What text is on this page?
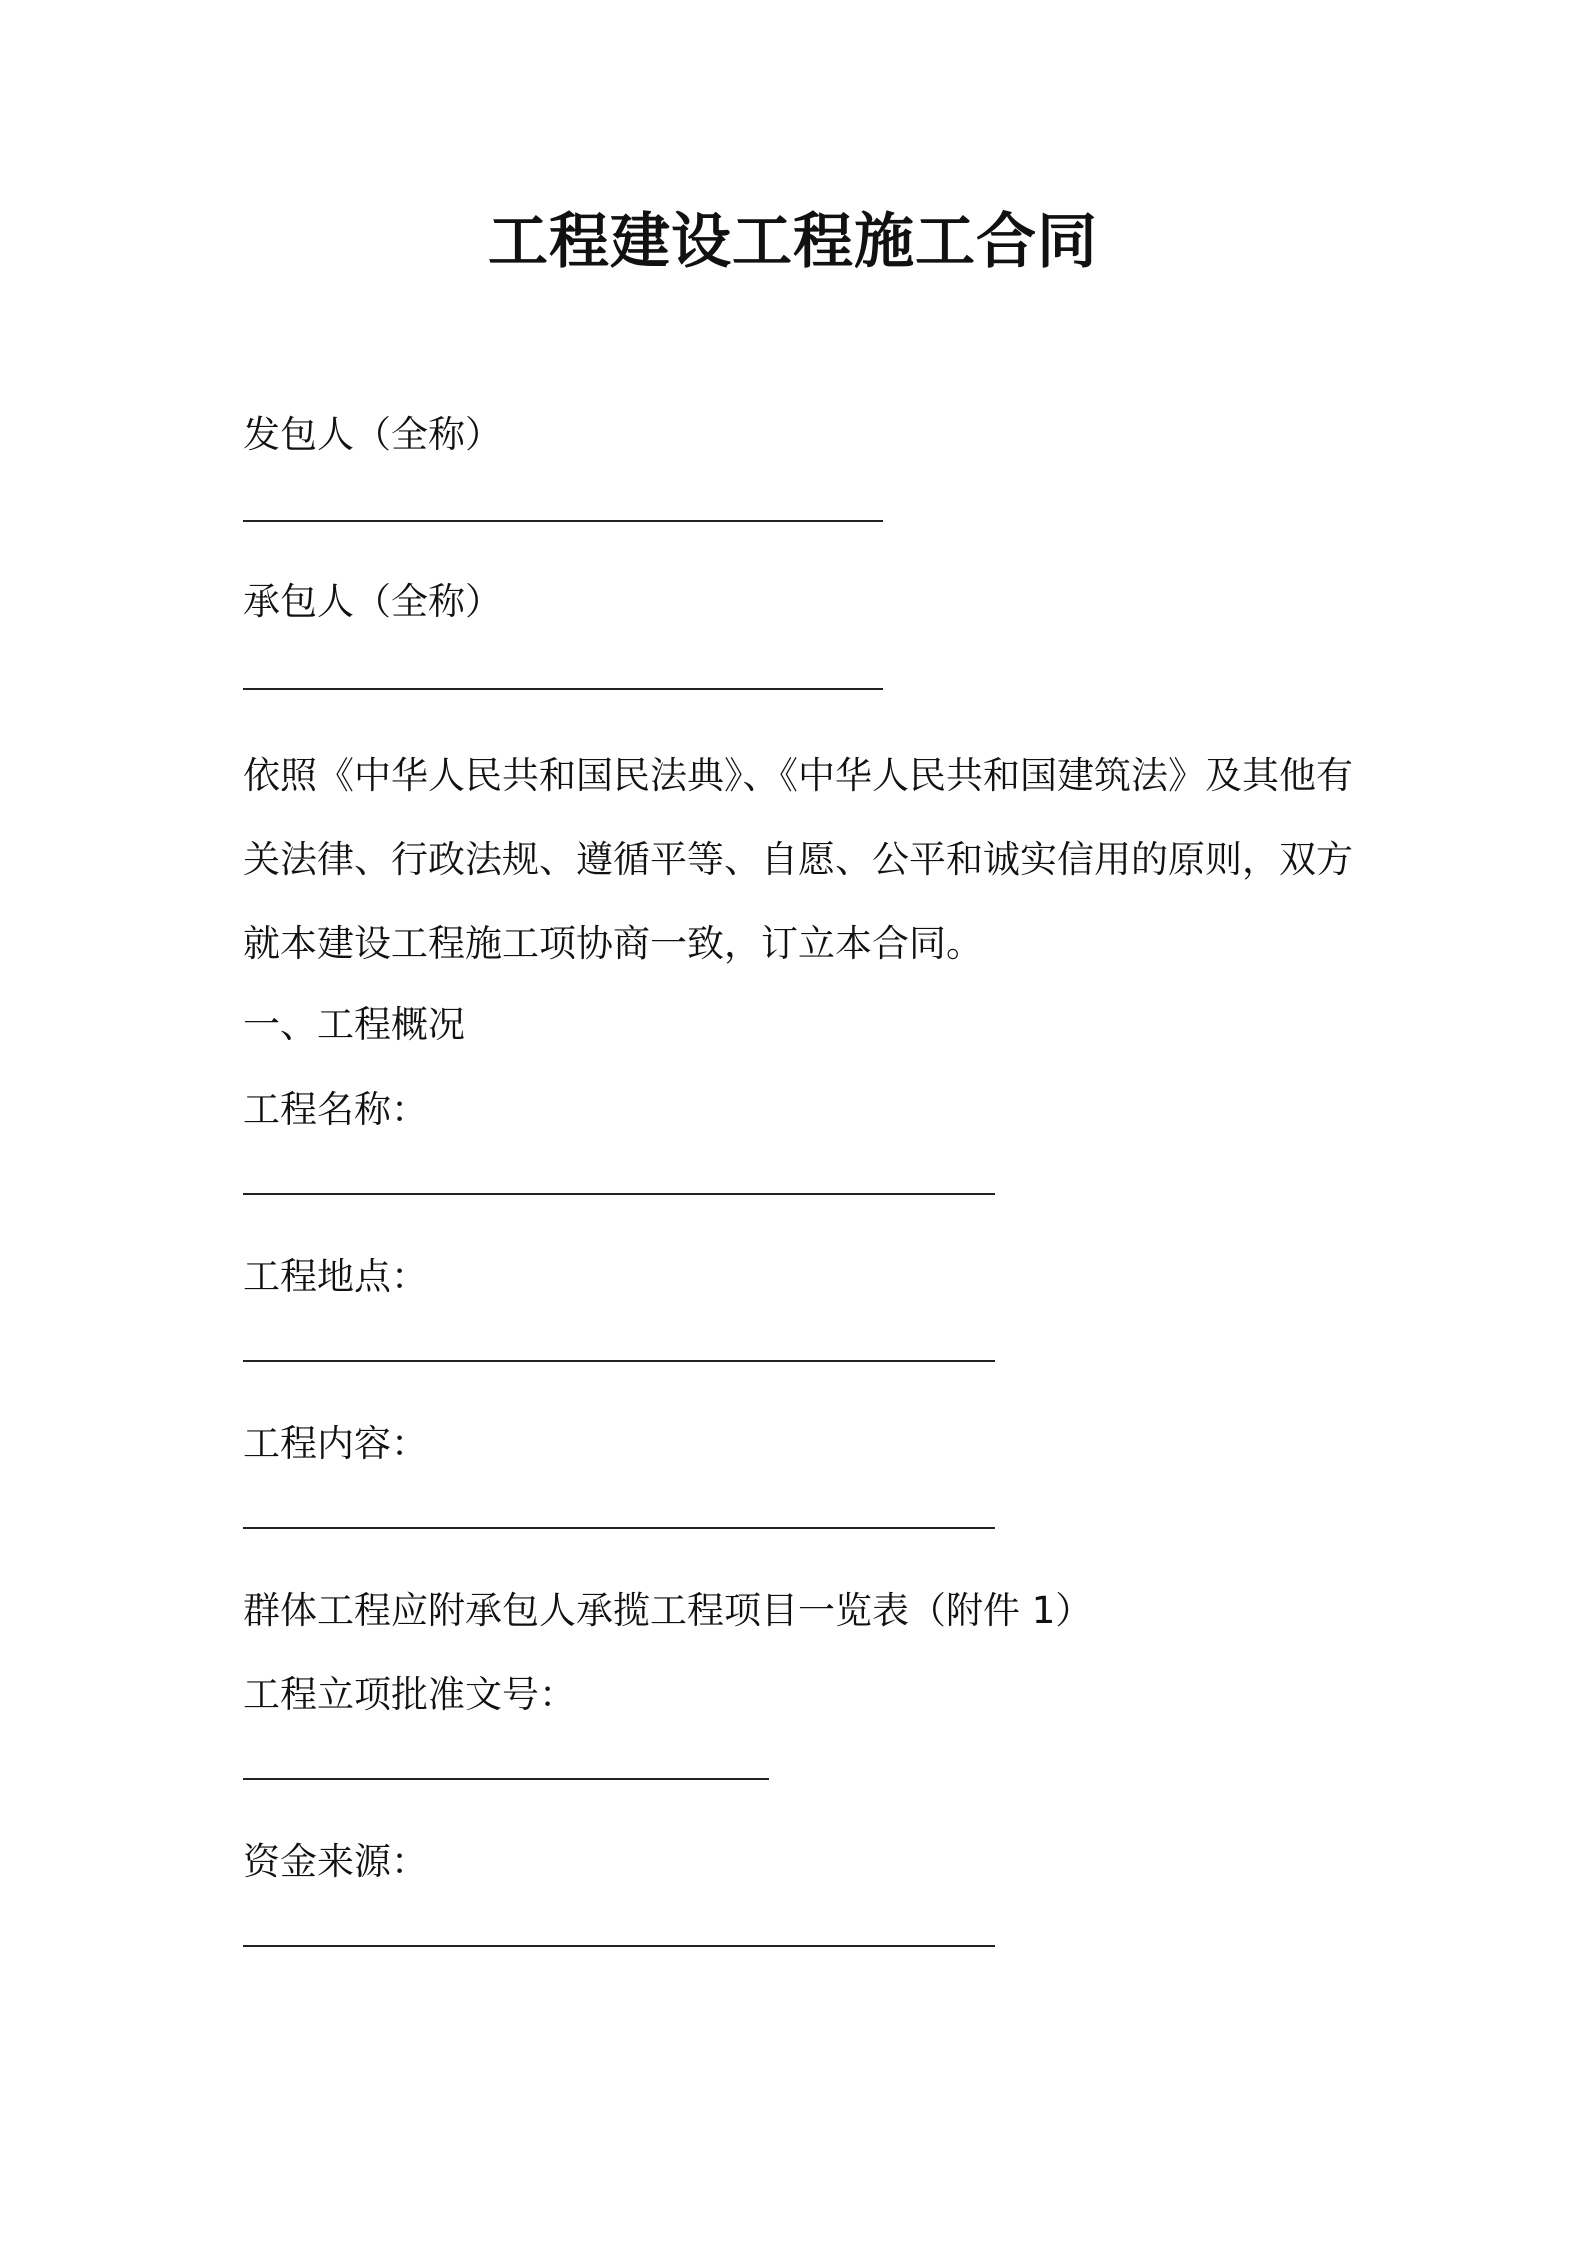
工程建设工程施工合同
发包人（全称）
承包人（全称）
依照《中华人民共和国民法典》、《中华人民共和国建筑法》及其他有
关法律、行政法规、遵循平等、自愿、公平和诚实信用的原则，双方
就本建设工程施工项协商一致，订立本合同。
一、工程概况
工程名称：
工程地点：
工程内容：
群体工程应附承包人承揽工程项目一览表（附件 1）
工程立项批准文号：
资金来源：
